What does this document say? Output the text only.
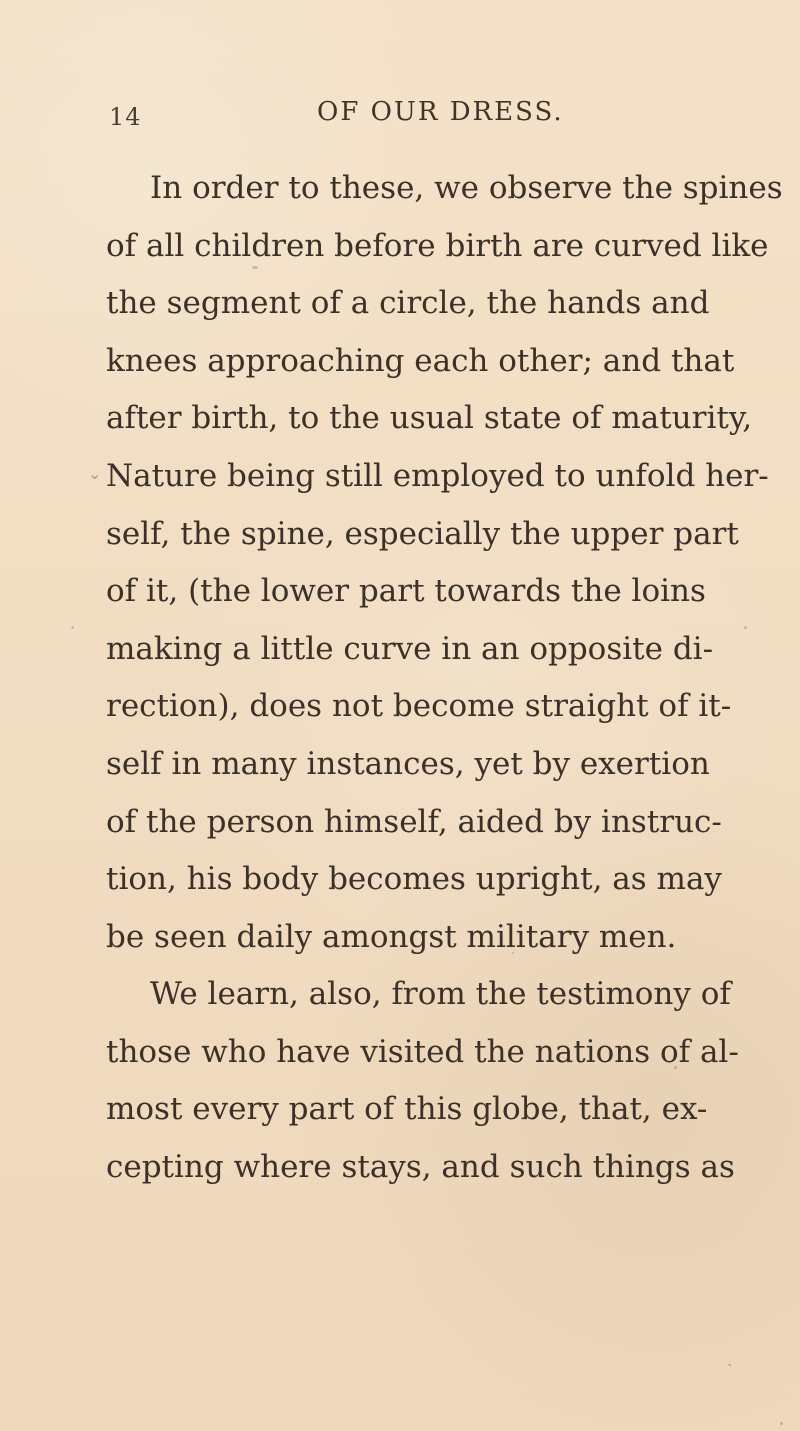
⌄
·
ˎ
14	OF OUR DRESS.
In order to these, we observe the spines
of all children before birth are curved like
the segment of a circle, the hands and
knees approaching each other; and that
after birth, to the usual state of maturity,
Nature being still employed to unfold her-
self, the spine, especially the upper part
of it, (the lower part towards the loins
making a little curve in an opposite di-
rection), does not become straight of it-
self in many instances, yet by exertion
of the person himself, aided by instruc-
tion, his body becomes upright, as may
be seen daily amongst military men.
We learn, also, from the testimony of
those who have visited the nations of al-
most every part of this globe, that, ex-
cepting where stays, and such things as
